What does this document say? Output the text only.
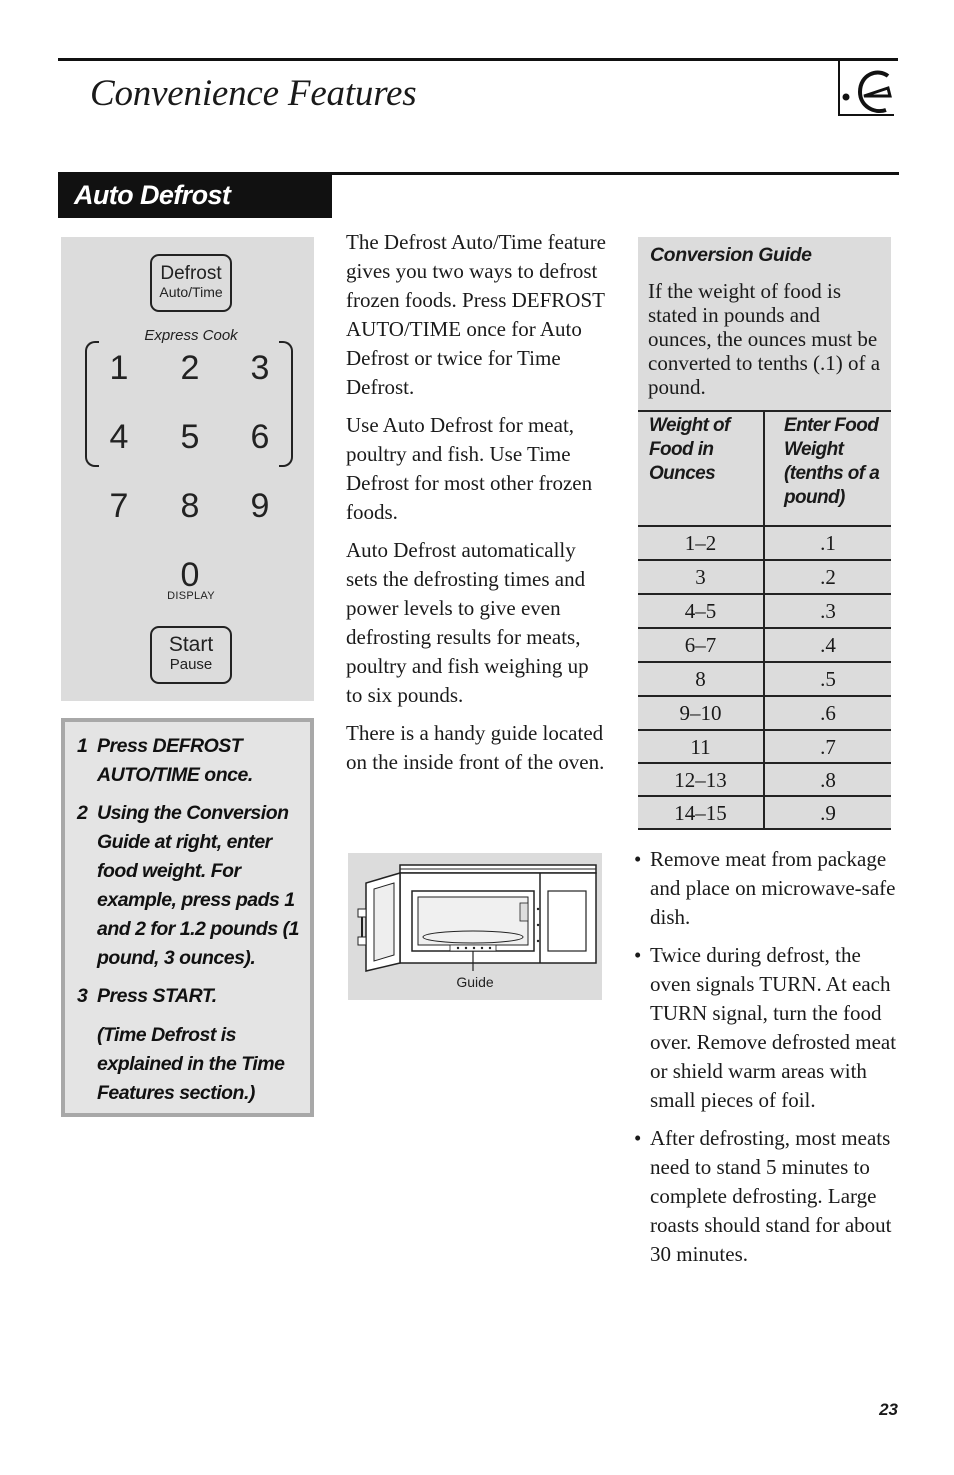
Convenience Features
Auto Defrost
Defrost
Auto/Time
Express Cook
1	2	3
4	5	6
7	8	9
0
DISPLAY
Start
Pause
1 Press DEFROST AUTO/TIME once.
2 Using the Conversion Guide at right, enter food weight. For example, press pads 1 and 2 for 1.2 pounds (1 pound, 3 ounces).
3 Press START.
(Time Defrost is explained in the Time Features section.)

The Defrost Auto/Time feature gives you two ways to defrost frozen foods. Press DEFROST AUTO/TIME once for Auto Defrost or twice for Time Defrost.

Use Auto Defrost for meat, poultry and fish. Use Time Defrost for most other frozen foods.

Auto Defrost automatically sets the defrosting times and power levels to give even defrosting results for meats, poultry and fish weighing up to six pounds.

There is a handy guide located on the inside front of the oven.

Guide
Conversion Guide
If the weight of food is stated in pounds and ounces, the ounces must be converted to tenths (.1) of a pound.
Weight of Food in Ounces
Enter Food Weight (tenths of a pound)
1–2	.1
3	.2
4–5	.3
6–7	.4
8	.5
9–10	.6
11	.7
12–13	.8
14–15	.9
• Remove meat from package and place on microwave-safe dish.
• Twice during defrost, the oven signals TURN. At each TURN signal, turn the food over. Remove defrosted meat or shield warm areas with small pieces of foil.
• After defrosting, most meats need to stand 5 minutes to complete defrosting. Large roasts should stand for about 30 minutes.
23
